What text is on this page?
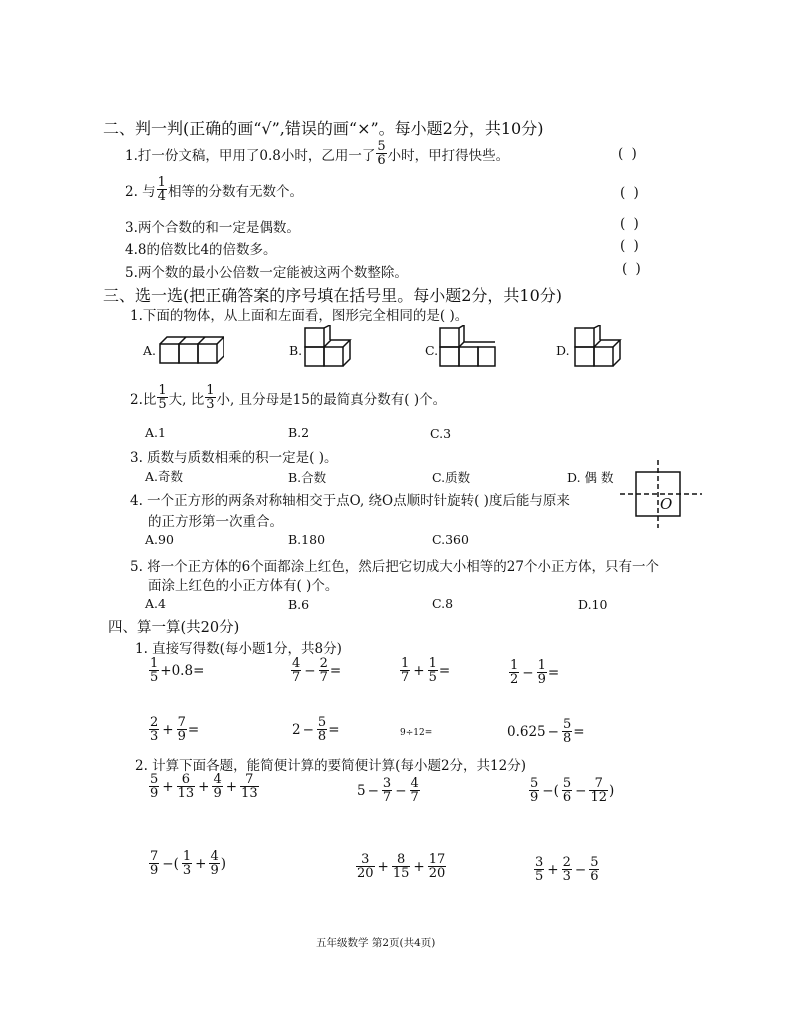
二、判一判(正确的画“√”,错误的画“×”。每小题2分，共10分)
1.打一份文稿，甲用了0.8小时，乙用一了 $\frac{5}{6}$ 小时，甲打得快些。	( )
2. 与 $\frac{1}{4}$ 相等的分数有无数个。	( )
3.两个合数的和一定是偶数。	( )
4.8的倍数比4的倍数多。	( )
5.两个数的最小公倍数一定能被这两个数整除。	( )
三、选一选(把正确答案的序号填在括号里。每小题2分，共10分)
1.下面的物体，从上面和左面看，图形完全相同的是( )。
A.	B.	C.	D.
2.比 $\frac{1}{5}$ 大, 比 $\frac{1}{3}$ 小, 且分母是15的最简真分数有( )个。
A.1	B.2	C.3
3. 质数与质数相乘的积一定是( )。
A.奇数	B.合数	C.质数	D. 偶 数
O
4. 一个正方形的两条对称轴相交于点O, 绕O点顺时针旋转( )度后能与原来
的正方形第一次重合。
A.90	B.180	C.360
5. 将一个正方体的6个面都涂上红色，然后把它切成大小相等的27个小正方体，只有一个
面涂上红色的小正方体有( )个。
A.4	B.6	C.8	D.10
四、算一算(共20分)
1. 直接写得数(每小题1分，共8分)
$\frac{1}{5} +0.8$ =	$\frac{4}{7} - \frac{2}{7}$ =	$\frac{1}{7} + \frac{1}{5}$ =	$\frac{1}{2} - \frac{1}{9}$ =
$\frac{2}{3} + \frac{7}{9}$ =	$2 - \frac{5}{8}$ =	9÷12=	$0.625 - \frac{5}{8}$ =
2. 计算下面各题，能简便计算的要简便计算(每小题2分，共12分)
$\frac{5}{9} + \frac{6}{13} + \frac{4}{9} + \frac{7}{13}$	$5 - \frac{3}{7} - \frac{4}{7}$	$\frac{5}{9}$ −( $\frac{5}{6} - \frac{7}{12}$ )
$\frac{7}{9}$ −( $\frac{1}{3} + \frac{4}{9}$ )	$\frac{3}{20} + \frac{8}{15} + \frac{17}{20}$	$\frac{3}{5} + \frac{2}{3} - \frac{5}{6}$
五年级数学 第2页(共4页)
